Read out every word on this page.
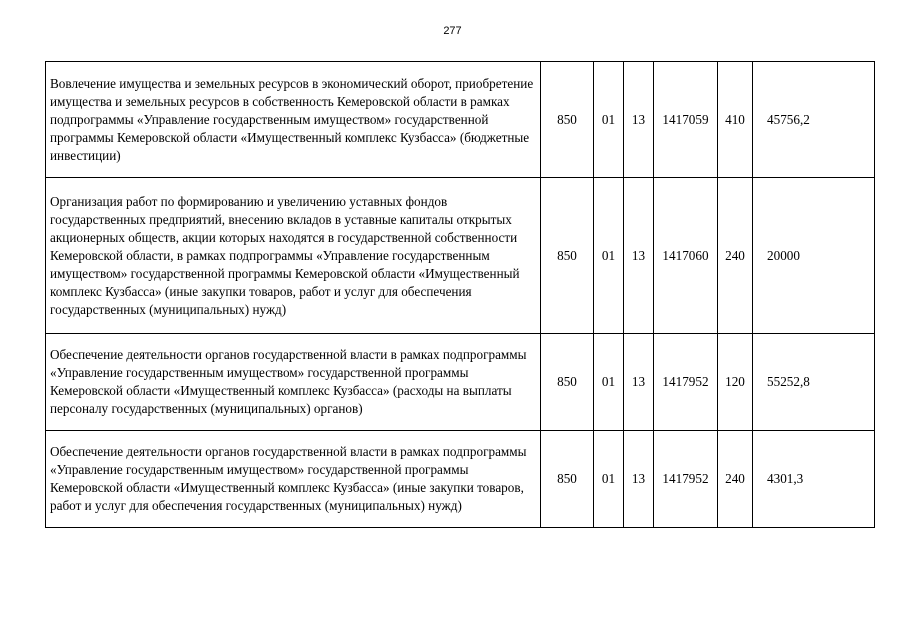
277
Вовлечение имущества и земельных ресурсов в экономический оборот, приобретение имущества и земельных ресурсов в собственность Кемеровской области в рамках подпрограммы «Управление государственным имуществом» государственной программы Кемеровской области «Имущественный комплекс Кузбасса» (бюджетные инвестиции)	850	01	13	1417059	410	45756,2
Организация работ по формированию и увеличению уставных фондов государственных предприятий, внесению вкладов в уставные капиталы открытых акционерных обществ, акции которых находятся в государственной собственности Кемеровской области, в рамках подпрограммы «Управление государственным имуществом» государственной программы Кемеровской области «Имущественный комплекс Кузбасса» (иные закупки товаров, работ и услуг для обеспечения государственных (муниципальных) нужд)	850	01	13	1417060	240	20000
Обеспечение деятельности органов государственной власти в рамках подпрограммы «Управление государственным имуществом» государственной программы Кемеровской области «Имущественный комплекс Кузбасса» (расходы на выплаты персоналу государственных (муниципальных) органов)	850	01	13	1417952	120	55252,8
Обеспечение деятельности органов государственной власти в рамках подпрограммы «Управление государственным имуществом» государственной программы Кемеровской области «Имущественный комплекс Кузбасса» (иные закупки товаров, работ и услуг для обеспечения государственных (муниципальных) нужд)	850	01	13	1417952	240	4301,3
